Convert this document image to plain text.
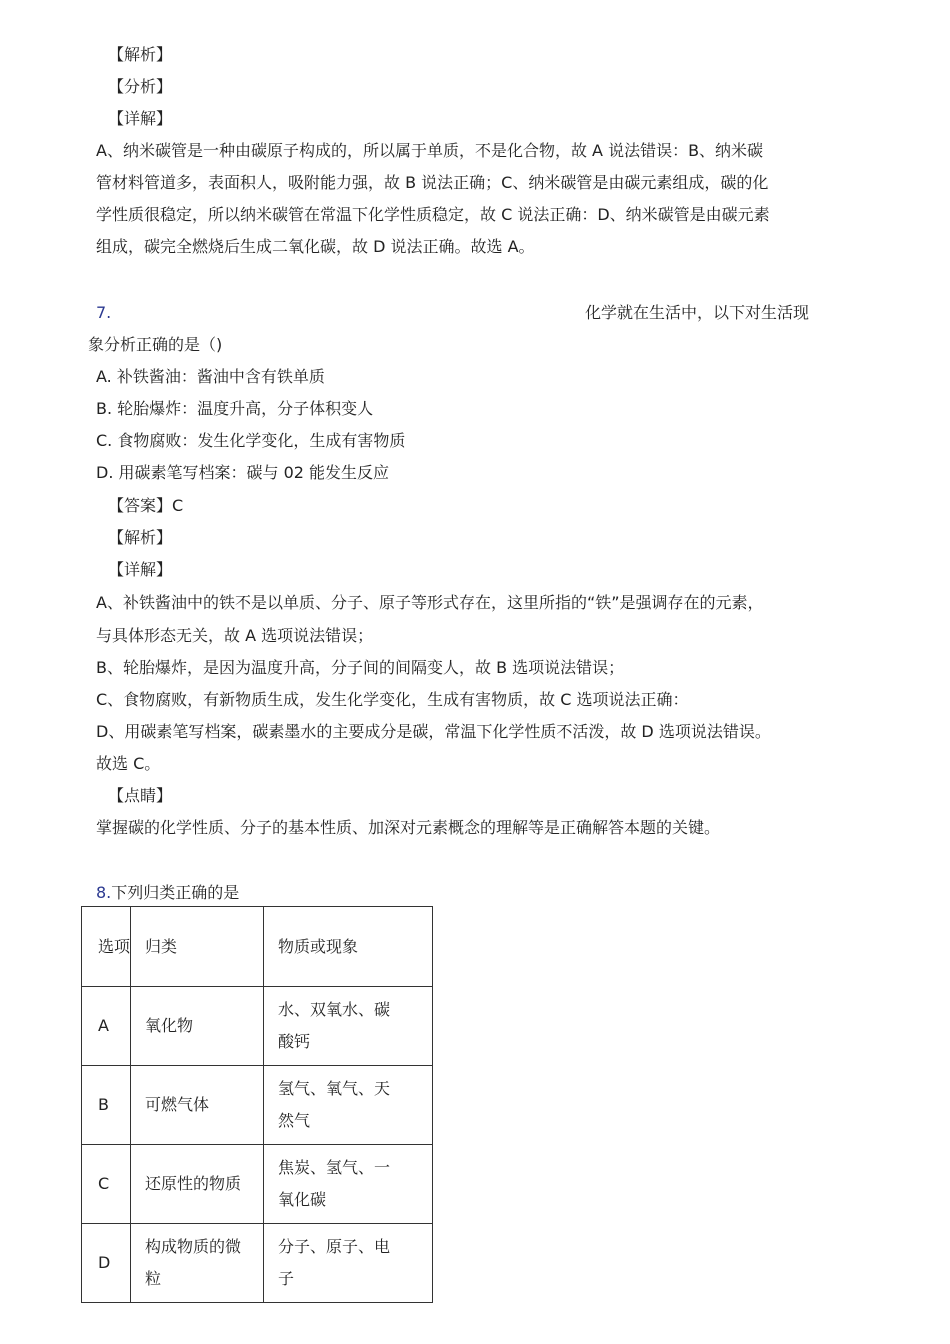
【解析】
【分析】
【详解】
A、纳米碳管是一种由碳原子构成的，所以属于单质，不是化合物，故 A 说法错误：B、纳米碳
管材料管道多，表面积人，吸附能力强，故 B 说法正确；C、纳米碳管是由碳元素组成，碳的化
学性质很稳定，所以纳米碳管在常温下化学性质稳定，故 C 说法正确：D、纳米碳管是由碳元素
组成，碳完全燃烧后生成二氧化碳，故 D 说法正确。故选 A。
7.	化学就在生活中，以下对生活现
象分析正确的是（)
A. 补铁酱油：酱油中含有铁单质
B. 轮胎爆炸：温度升高，分子体积变人
C. 食物腐败：发生化学变化，生成有害物质
D. 用碳素笔写档案：碳与 02 能发生反应
【答案】C
【解析】
【详解】
A、补铁酱油中的铁不是以单质、分子、原子等形式存在，这里所指的“铁”是强调存在的元素，
与具体形态无关，故 A 选项说法错误；
B、轮胎爆炸，是因为温度升高，分子间的间隔变人，故 B 选项说法错误；
C、食物腐败，有新物质生成，发生化学变化，生成有害物质，故 C 选项说法正确：
D、用碳素笔写档案，碳素墨水的主要成分是碳，常温下化学性质不活泼，故 D 选项说法错误。
故选 C。
【点睛】
掌握碳的化学性质、分子的基本性质、加深对元素概念的理解等是正确解答本题的关键。
8.下列归类正确的是
选项	归类	物质或现象
A	氧化物	水、双氧水、碳
酸钙
B	可燃气体	氢气、氧气、天
然气
C	还原性的物质	焦炭、氢气、一
氧化碳
D	构成物质的微
粒	分子、原子、电
子
